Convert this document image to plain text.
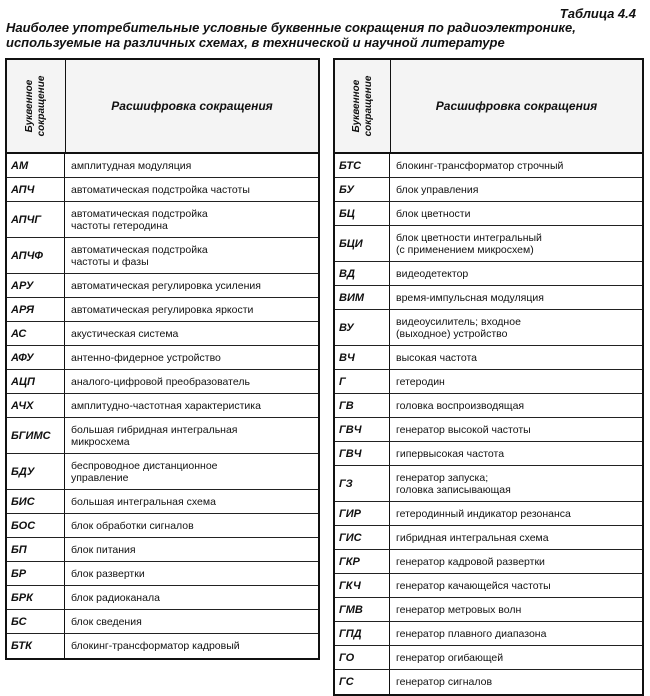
Таблица 4.4
Наиболее употребительные условные буквенные сокращения по радиоэлектронике, используемые на различных схемах, в технической и научной литературе
Буквенное
сокращение	Расшифровка сокращения
АМ	амплитудная модуляция
АПЧ	автоматическая подстройка частоты
АПЧГ	автоматическая подстройка
частоты гетеродина
АПЧФ	автоматическая подстройка
частоты и фазы
АРУ	автоматическая регулировка усиления
АРЯ	автоматическая регулировка яркости
АС	акустическая система
АФУ	антенно-фидерное устройство
АЦП	аналого-цифровой преобразователь
АЧХ	амплитудно-частотная характеристика
БГИМС	большая гибридная интегральная
микросхема
БДУ	беспроводное дистанционное
управление
БИС	большая интегральная схема
БОС	блок обработки сигналов
БП	блок питания
БР	блок развертки
БРК	блок радиоканала
БС	блок сведения
БТК	блокинг-трансформатор кадровый
Буквенное
сокращение	Расшифровка сокращения
БТС	блокинг-трансформатор строчный
БУ	блок управления
БЦ	блок цветности
БЦИ	блок цветности интегральный
(с применением микросхем)
ВД	видеодетектор
ВИМ	время-импульсная модуляция
ВУ	видеоусилитель; входное
(выходное) устройство
ВЧ	высокая частота
Г	гетеродин
ГВ	головка воспроизводящая
ГВЧ	генератор высокой частоты
ГВЧ	гипервысокая частота
ГЗ	генератор запуска;
головка записывающая
ГИР	гетеродинный индикатор резонанса
ГИС	гибридная интегральная схема
ГКР	генератор кадровой развертки
ГКЧ	генератор качающейся частоты
ГМВ	генератор метровых волн
ГПД	генератор плавного диапазона
ГО	генератор огибающей
ГС	генератор сигналов
